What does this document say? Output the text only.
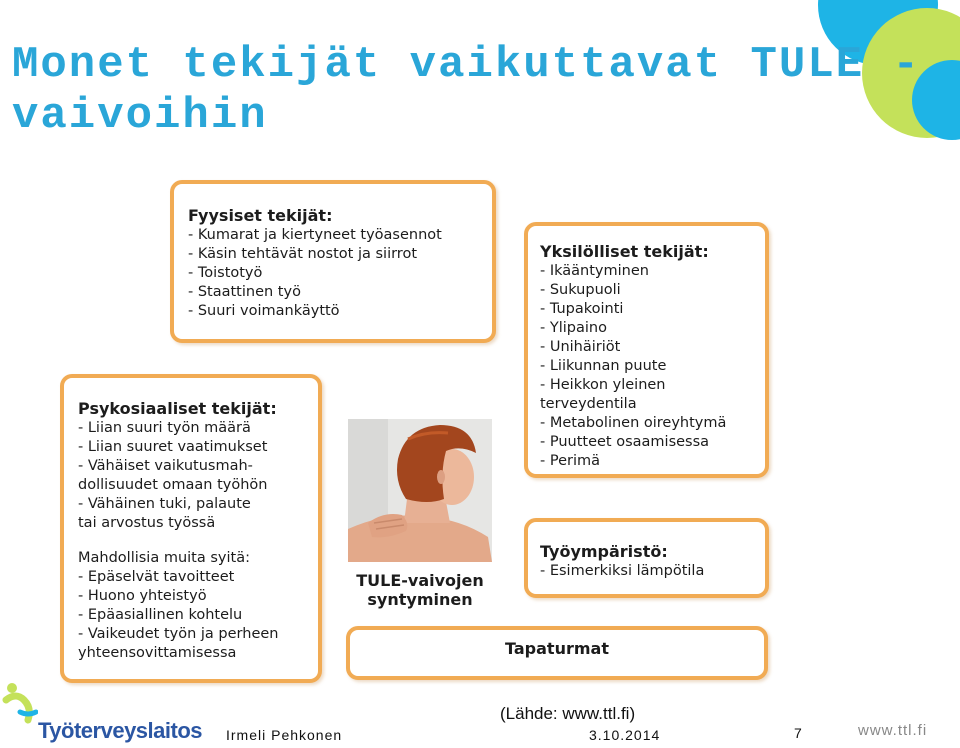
Monet tekijät vaikuttavat TULE -
vaivoihin
Fyysiset tekijät:
- Kumarat ja kiertyneet työasennot
- Käsin tehtävät nostot ja siirrot
- Toistotyö
- Staattinen työ
- Suuri voimankäyttö
Yksilölliset tekijät:
- Ikääntyminen
- Sukupuoli
- Tupakointi
- Ylipaino
- Unihäiriöt
- Liikunnan puute
- Heikkon yleinen
terveydentila
- Metabolinen oireyhtymä
- Puutteet osaamisessa
- Perimä
Psykosiaaliset tekijät:
- Liian suuri työn määrä
- Liian suuret vaatimukset
- Vähäiset vaikutusmah-
dollisuudet omaan työhön
- Vähäinen tuki, palaute
tai arvostus työssä
Mahdollisia muita syitä:
- Epäselvät tavoitteet
- Huono yhteistyö
- Epäasiallinen kohtelu
- Vaikeudet työn ja perheen
yhteensovittamisessa
Työympäristö:
- Esimerkiksi lämpötila
Tapaturmat
TULE-vaivojen
syntyminen
(Lähde: www.ttl.fi)
Työterveyslaitos Irmeli Pehkonen	3.10.2014	7	www.ttl.fi
